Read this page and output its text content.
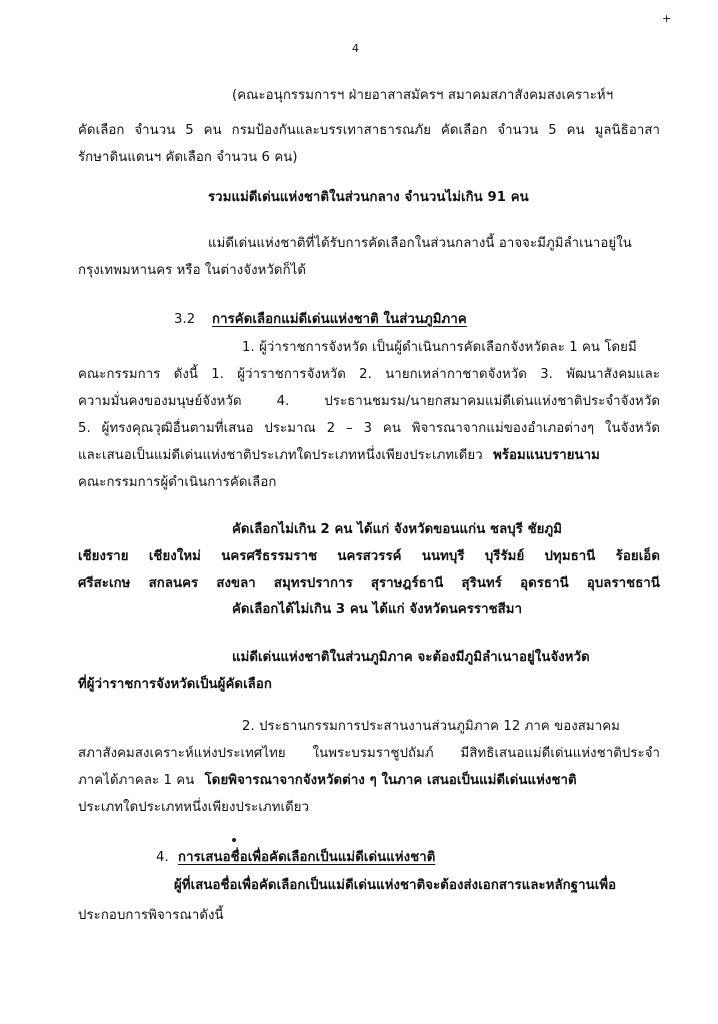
+
4
(คณะอนุกรรมการฯ ฝ่ายอาสาสมัครฯ สมาคมสภาสังคมสงเคราะห์ฯ
คัดเลือก จำนวน 5 คน กรมป้องกันและบรรเทาสาธารณภัย คัดเลือก จำนวน 5 คน มูลนิธิอาสา
รักษาดินแดนฯ คัดเลือก จำนวน 6 คน)
รวมแม่ดีเด่นแห่งชาติในส่วนกลาง จำนวนไม่เกิน 91 คน
แม่ดีเด่นแห่งชาติที่ได้รับการคัดเลือกในส่วนกลางนี้ อาจจะมีภูมิลำเนาอยู่ใน
กรุงเทพมหานคร หรือ ในต่างจังหวัดก็ได้
3.2 การคัดเลือกแม่ดีเด่นแห่งชาติ ในส่วนภูมิภาค
1. ผู้ว่าราชการจังหวัด เป็นผู้ดำเนินการคัดเลือกจังหวัดละ 1 คน โดยมี
คณะกรรมการ ดังนี้ 1. ผู้ว่าราชการจังหวัด 2. นายกเหล่ากาชาดจังหวัด 3. พัฒนาสังคมและ
ความมั่นคงของมนุษย์จังหวัด 4. ประธานชมรม/นายกสมาคมแม่ดีเด่นแห่งชาติประจำจังหวัด
5. ผู้ทรงคุณวุฒิอื่นตามที่เสนอ ประมาณ 2 – 3 คน พิจารณาจากแม่ของอำเภอต่างๆ ในจังหวัด
และเสนอเป็นแม่ดีเด่นแห่งชาติประเภทใดประเภทหนึ่งเพียงประเภทเดียว พร้อมแนบรายนาม
คณะกรรมการผู้ดำเนินการคัดเลือก
คัดเลือกไม่เกิน 2 คน ได้แก่ จังหวัดขอนแก่น ชลบุรี ชัยภูมิ
เชียงราย เชียงใหม่ นครศรีธรรมราช นครสวรรค์ นนทบุรี บุรีรัมย์ ปทุมธานี ร้อยเอ็ด
ศรีสะเกษ สกลนคร สงขลา สมุทรปราการ สุราษฎร์ธานี สุรินทร์ อุดรธานี อุบลราชธานี
คัดเลือกได้ไม่เกิน 3 คน ได้แก่ จังหวัดนครราชสีมา
แม่ดีเด่นแห่งชาติในส่วนภูมิภาค จะต้องมีภูมิลำเนาอยู่ในจังหวัด
ที่ผู้ว่าราชการจังหวัดเป็นผู้คัดเลือก
2. ประธานกรรมการประสานงานส่วนภูมิภาค 12 ภาค ของสมาคม
สภาสังคมสงเคราะห์แห่งประเทศไทย ในพระบรมราชูปถัมภ์ มีสิทธิเสนอแม่ดีเด่นแห่งชาติประจำ
ภาคได้ภาคละ 1 คน โดยพิจารณาจากจังหวัดต่าง ๆ ในภาค เสนอเป็นแม่ดีเด่นแห่งชาติ
ประเภทใดประเภทหนึ่งเพียงประเภทเดียว
4. การเสนอชื่อเพื่อคัดเลือกเป็นแม่ดีเด่นแห่งชาติ
ผู้ที่เสนอชื่อเพื่อคัดเลือกเป็นแม่ดีเด่นแห่งชาติจะต้องส่งเอกสารและหลักฐานเพื่อ
ประกอบการพิจารณาดังนี้
